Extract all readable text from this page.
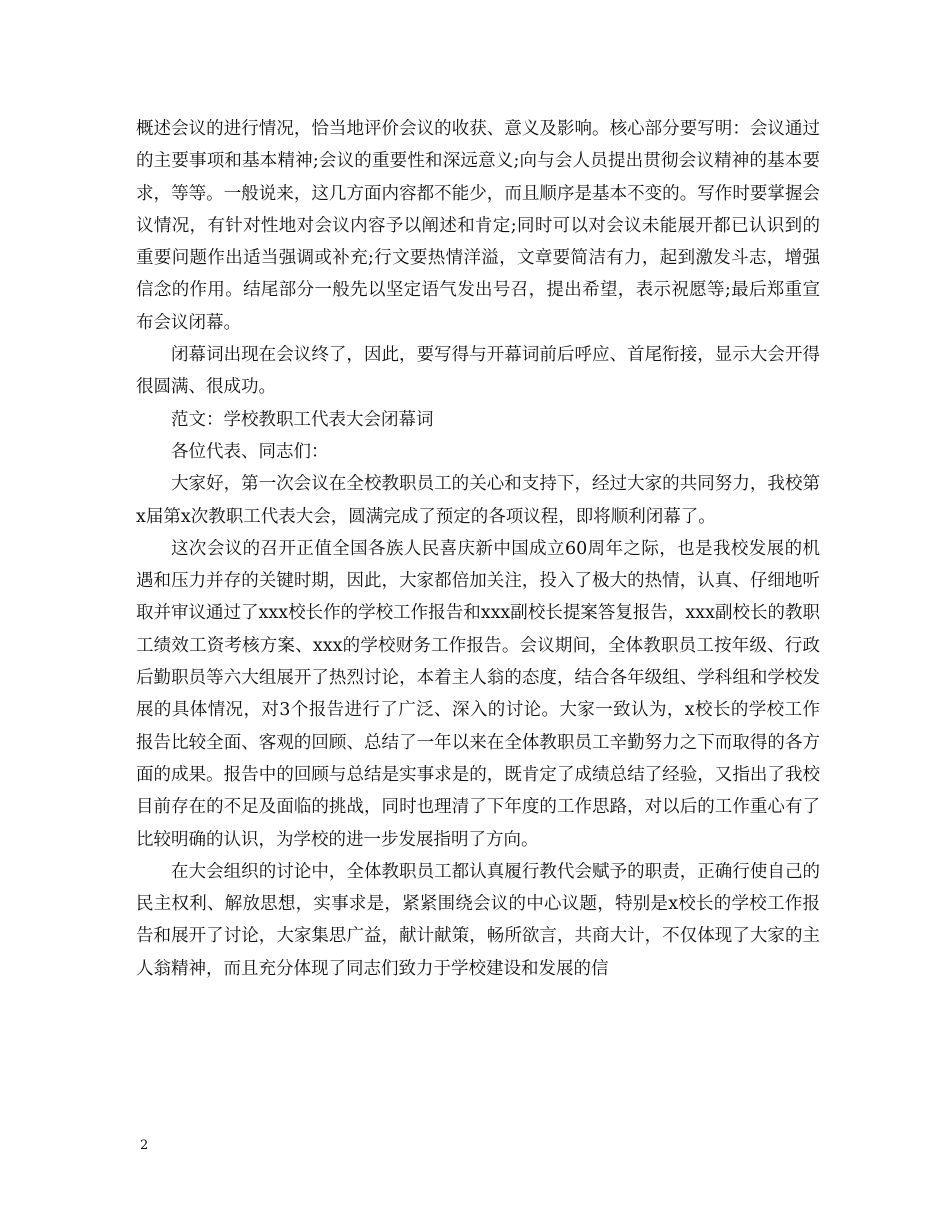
概述会议的进行情况，恰当地评价会议的收获、意义及影响。核心部分要写明：会议通过的主要事项和基本精神;会议的重要性和深远意义;向与会人员提出贯彻会议精神的基本要求，等等。一般说来，这几方面内容都不能少，而且顺序是基本不变的。写作时要掌握会议情况，有针对性地对会议内容予以阐述和肯定;同时可以对会议未能展开都已认识到的重要问题作出适当强调或补充;行文要热情洋溢，文章要简洁有力，起到激发斗志，增强信念的作用。结尾部分一般先以坚定语气发出号召，提出希望，表示祝愿等;最后郑重宣布会议闭幕。

闭幕词出现在会议终了，因此，要写得与开幕词前后呼应、首尾衔接，显示大会开得很圆满、很成功。

范文：学校教职工代表大会闭幕词

各位代表、同志们：

大家好，第一次会议在全校教职员工的关心和支持下，经过大家的共同努力，我校第x届第x次教职工代表大会，圆满完成了预定的各项议程，即将顺利闭幕了。

这次会议的召开正值全国各族人民喜庆新中国成立60周年之际，也是我校发展的机遇和压力并存的关键时期，因此，大家都倍加关注，投入了极大的热情，认真、仔细地听取并审议通过了xxx校长作的学校工作报告和xxx副校长提案答复报告，xxx副校长的教职工绩效工资考核方案、xxx的学校财务工作报告。会议期间，全体教职员工按年级、行政后勤职员等六大组展开了热烈讨论，本着主人翁的态度，结合各年级组、学科组和学校发展的具体情况，对3个报告进行了广泛、深入的讨论。大家一致认为，x校长的学校工作报告比较全面、客观的回顾、总结了一年以来在全体教职员工辛勤努力之下而取得的各方面的成果。报告中的回顾与总结是实事求是的，既肯定了成绩总结了经验，又指出了我校目前存在的不足及面临的挑战，同时也理清了下年度的工作思路，对以后的工作重心有了比较明确的认识，为学校的进一步发展指明了方向。

在大会组织的讨论中，全体教职员工都认真履行教代会赋予的职责，正确行使自己的民主权利、解放思想，实事求是，紧紧围绕会议的中心议题，特别是x校长的学校工作报告和展开了讨论，大家集思广益，献计献策，畅所欲言，共商大计，不仅体现了大家的主人翁精神，而且充分体现了同志们致力于学校建设和发展的信

2
